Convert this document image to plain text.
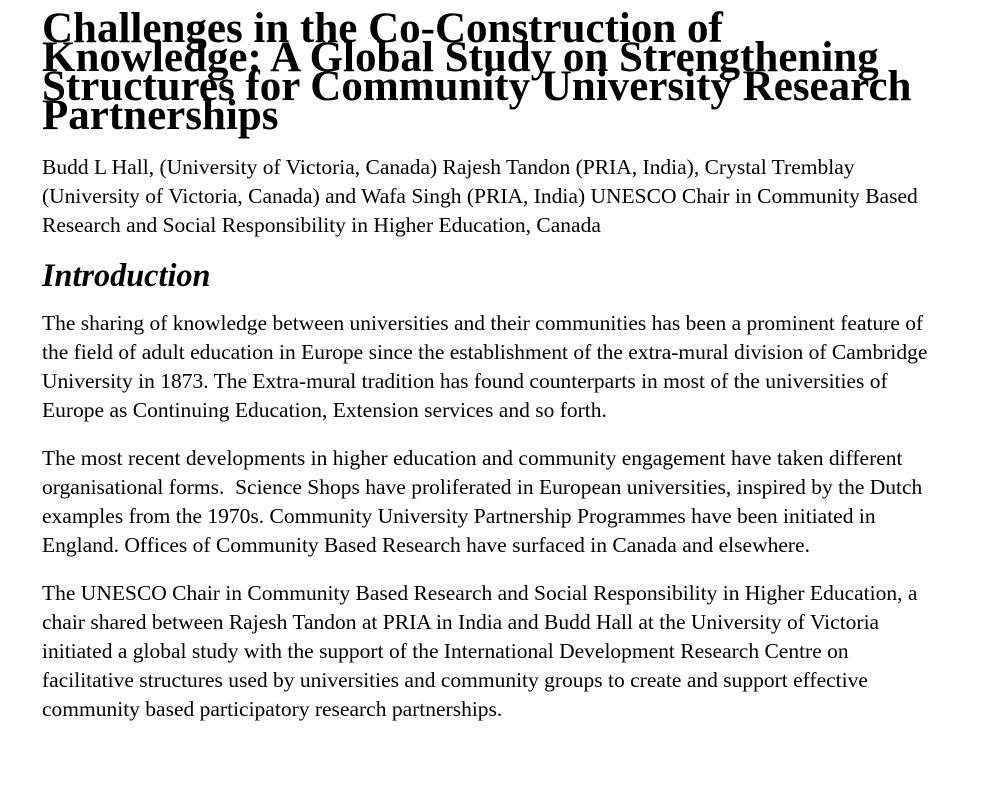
Challenges in the Co-Construction of Knowledge: A Global Study on Strengthening Structures for Community University Research Partnerships

Budd L Hall, (University of Victoria, Canada) Rajesh Tandon (PRIA, India), Crystal Tremblay (University of Victoria, Canada) and Wafa Singh (PRIA, India) UNESCO Chair in Community Based Research and Social Responsibility in Higher Education, Canada

Introduction

The sharing of knowledge between universities and their communities has been a prominent feature of the field of adult education in Europe since the establishment of the extra-mural division of Cambridge University in 1873. The Extra-mural tradition has found counterparts in most of the universities of Europe as Continuing Education, Extension services and so forth.

The most recent developments in higher education and community engagement have taken different organisational forms.  Science Shops have proliferated in European universities, inspired by the Dutch examples from the 1970s. Community University Partnership Programmes have been initiated in England. Offices of Community Based Research have surfaced in Canada and elsewhere.

The UNESCO Chair in Community Based Research and Social Responsibility in Higher Education, a chair shared between Rajesh Tandon at PRIA in India and Budd Hall at the University of Victoria initiated a global study with the support of the International Development Research Centre on facilitative structures used by universities and community groups to create and support effective community based participatory research partnerships.
